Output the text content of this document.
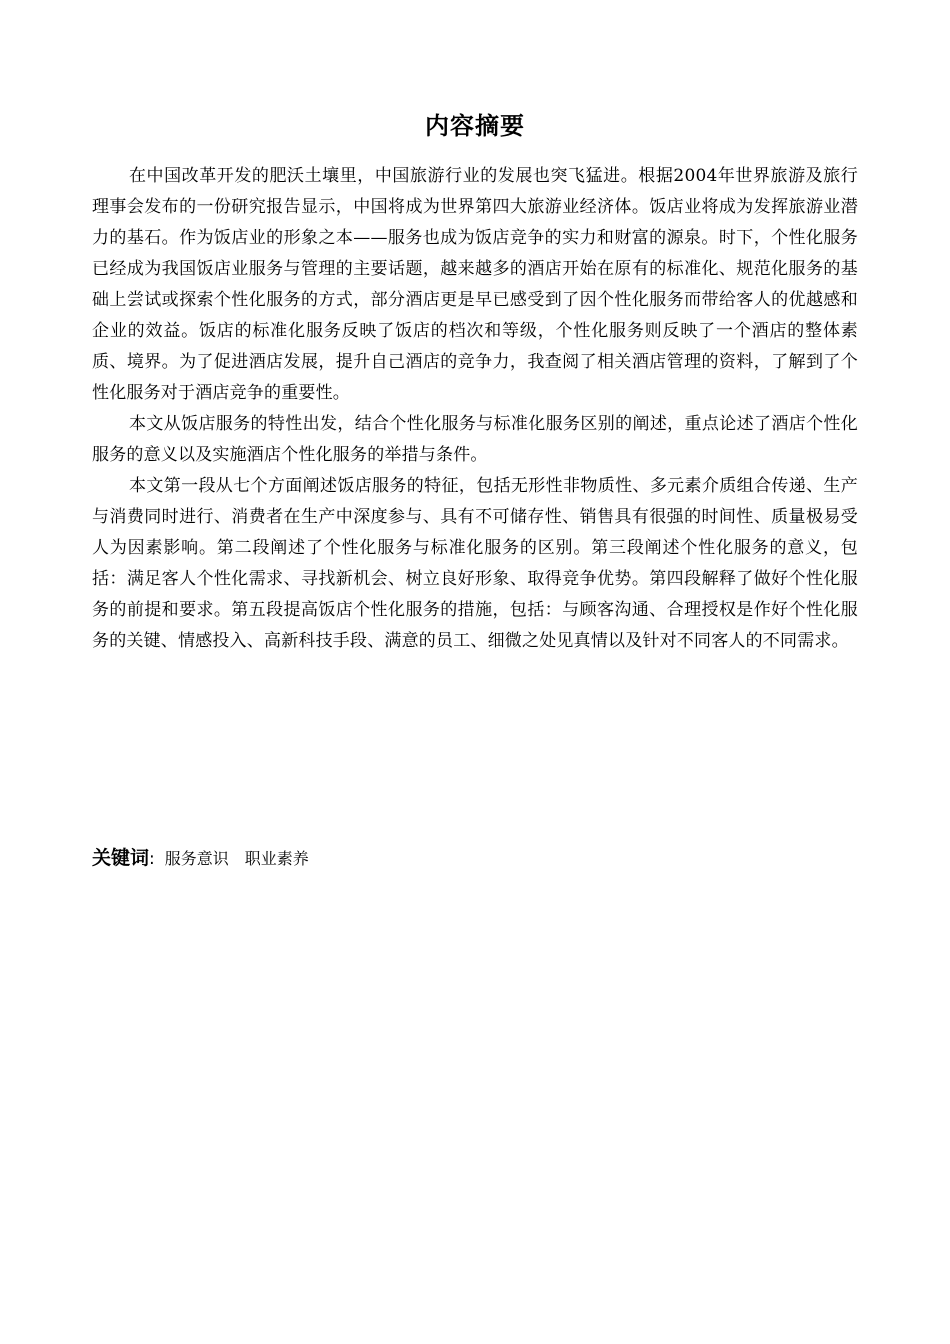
内容摘要

在中国改革开发的肥沃土壤里，中国旅游行业的发展也突飞猛进。根据2004年世界旅游及旅行理事会发布的一份研究报告显示，中国将成为世界第四大旅游业经济体。饭店业将成为发挥旅游业潜力的基石。作为饭店业的形象之本——服务也成为饭店竞争的实力和财富的源泉。时下，个性化服务已经成为我国饭店业服务与管理的主要话题，越来越多的酒店开始在原有的标准化、规范化服务的基础上尝试或探索个性化服务的方式，部分酒店更是早已感受到了因个性化服务而带给客人的优越感和企业的效益。饭店的标准化服务反映了饭店的档次和等级，个性化服务则反映了一个酒店的整体素质、境界。为了促进酒店发展，提升自己酒店的竞争力，我查阅了相关酒店管理的资料，了解到了个性化服务对于酒店竞争的重要性。

本文从饭店服务的特性出发，结合个性化服务与标准化服务区别的阐述，重点论述了酒店个性化服务的意义以及实施酒店个性化服务的举措与条件。

本文第一段从七个方面阐述饭店服务的特征，包括无形性非物质性、多元素介质组合传递、生产与消费同时进行、消费者在生产中深度参与、具有不可储存性、销售具有很强的时间性、质量极易受人为因素影响。第二段阐述了个性化服务与标准化服务的区别。第三段阐述个性化服务的意义，包括：满足客人个性化需求、寻找新机会、树立良好形象、取得竞争优势。第四段解释了做好个性化服务的前提和要求。第五段提高饭店个性化服务的措施，包括：与顾客沟通、合理授权是作好个性化服务的关键、情感投入、高新科技手段、满意的员工、细微之处见真情以及针对不同客人的不同需求。

关键词: 服务意识 职业素养
